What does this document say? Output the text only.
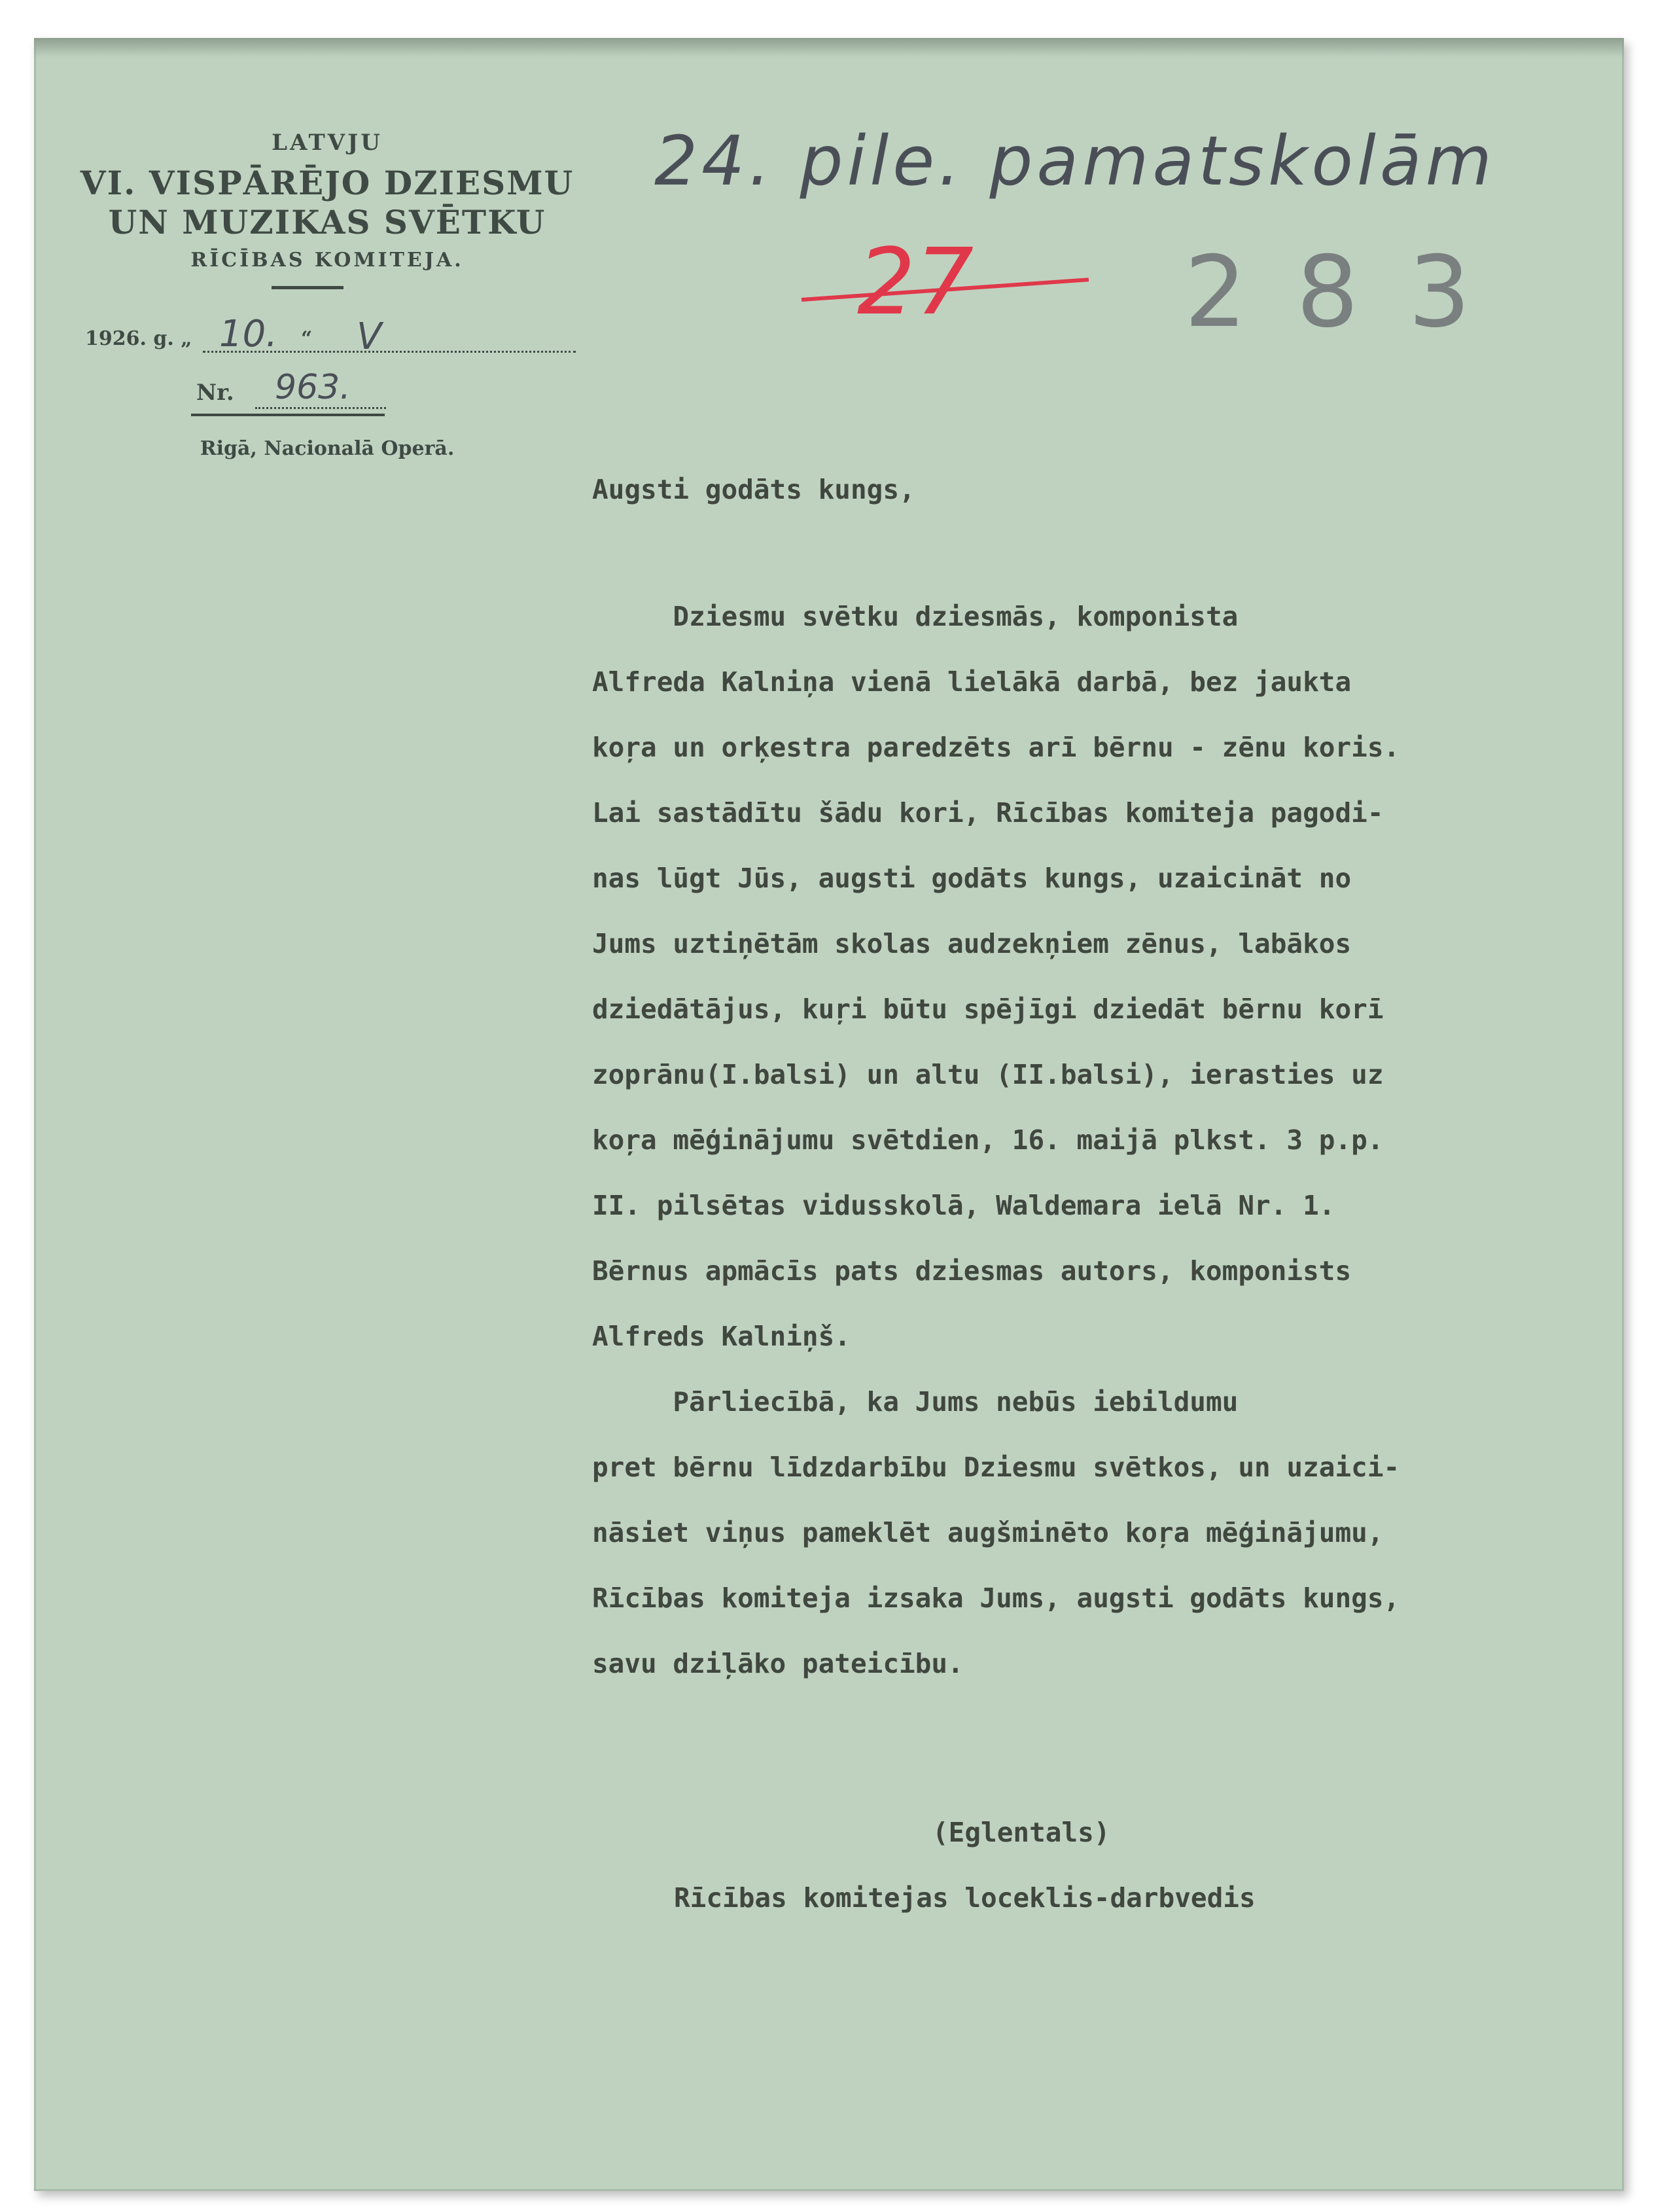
LATVJU
VI. VISPĀRĒJO DZIESMU
UN MUZIKAS SVĒTKU
RĪCĪBAS KOMITEJA.
1926. g. „ 10. “ V
Nr. 963.
Rigā, Nacionalā Operā.
24. pile. pamatskolām
27 2 8 3
Augsti godāts kungs,
Dziesmu svētku dziesmās, komponista
Alfreda Kalniņa vienā lielākā darbā, bez jaukta
koŗa un orķestra paredzēts arī bērnu - zēnu koris.
Lai sastādītu šādu kori, Rīcības komiteja pagodi-
nas lūgt Jūs, augsti godāts kungs, uzaicināt no
Jums uztiņētām skolas audzekņiem zēnus, labākos
dziedātājus, kuŗi būtu spējīgi dziedāt bērnu korī
zoprānu(I.balsi) un altu (II.balsi), ierasties uz
koŗa mēģinājumu svētdien, 16. maijā plkst. 3 p.p.
II. pilsētas vidusskolā, Waldemara ielā Nr. 1.
Bērnus apmācīs pats dziesmas autors, komponists
Alfreds Kalniņš.
Pārliecībā, ka Jums nebūs iebildumu
pret bērnu līdzdarbību Dziesmu svētkos, un uzaici-
nāsiet viņus pameklēt augšminēto koŗa mēģinājumu,
Rīcības komiteja izsaka Jums, augsti godāts kungs,
savu dziļāko pateicību.
(Eglentals)
Rīcības komitejas loceklis-darbvedis
